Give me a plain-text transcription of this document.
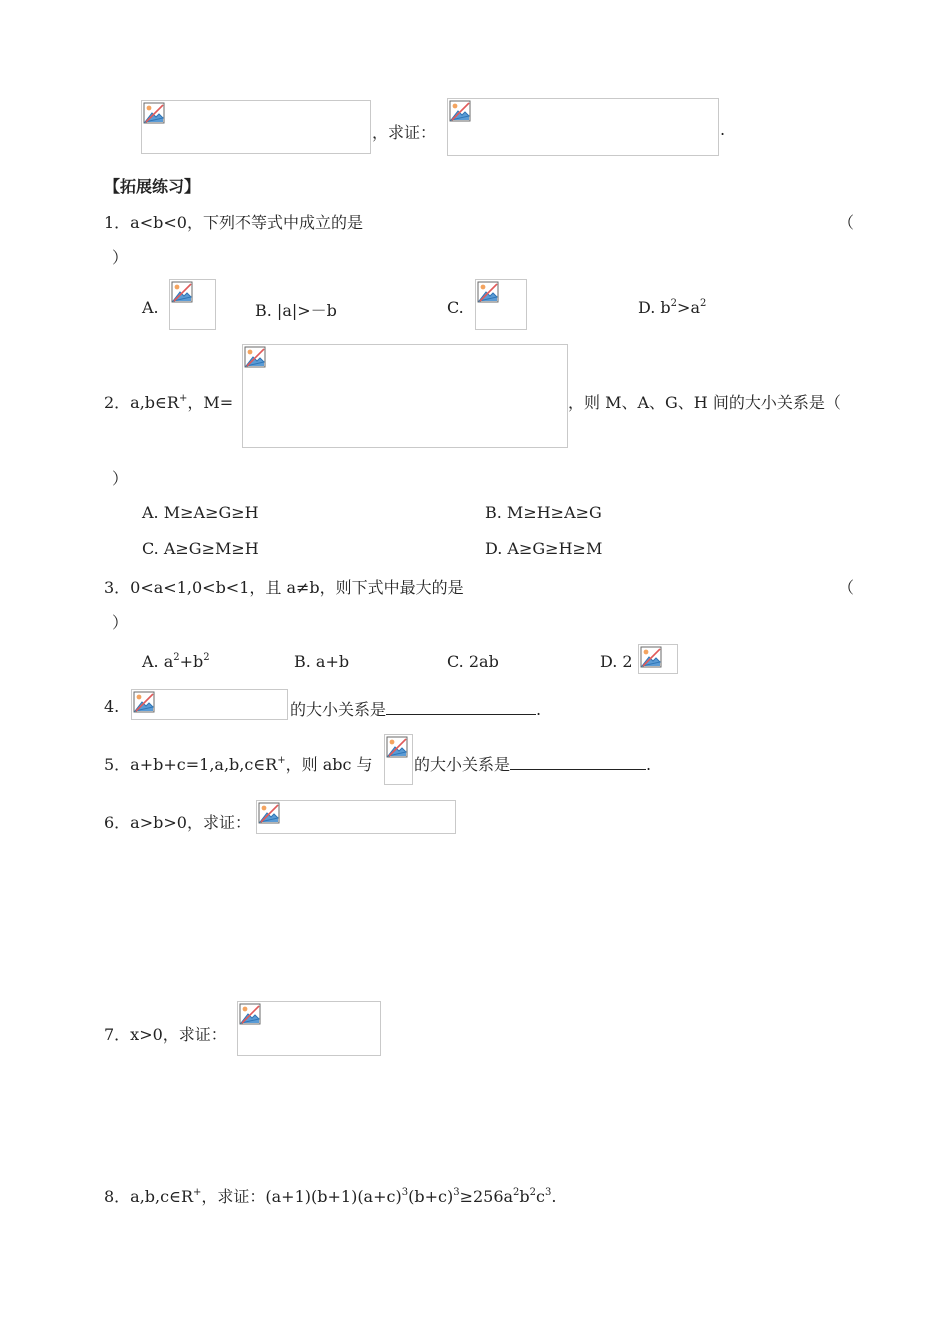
，求证：	.
【拓展练习】
1．a<b<0，下列不等式中成立的是	（
）
A.	B. |a|>－b	C.	D. $b^2>a^2$
2．a,b∈R+，M=	，则 M、A、G、H 间的大小关系是（
）
A. M≥A≥G≥H	B. M≥H≥A≥G
C. A≥G≥M≥H	D. A≥G≥H≥M
3．0<a<1,0<b<1，且 a≠b，则下式中最大的是	（
）
A. $a^2+b^2$	B. a+b	C. 2ab	D. 2
4.	的大小关系是	.
5．a+b+c=1,a,b,c∈R+，则 abc 与	的大小关系是	.
6．a>b>0，求证：
7．x>0，求证：
8．a,b,c∈R+，求证：$(a+1)(b+1)(a+c)^3(b+c)^3\ge 256a^2b^2c^3$.
